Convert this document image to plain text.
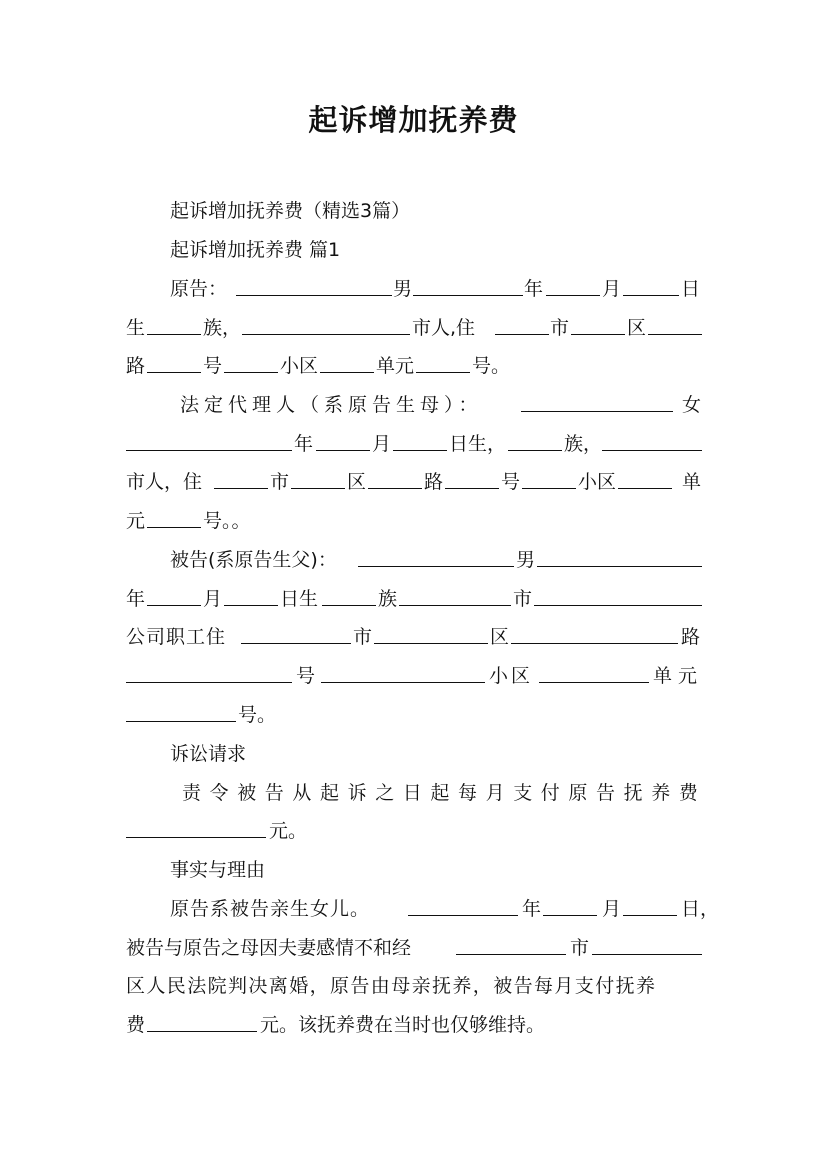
起诉增加抚养费
起诉增加抚养费（精选3篇）
起诉增加抚养费 篇1
原告：	男	年	月	日
生	族，	市人,住	市	区
路	号	小区	单元	号。
法定代理人（系原告生母）：	女
年	月	日生，	族，
市人，住	市	区	路	号	小区	单
元	号。。
被告(系原告生父)：	男
年	月	日生	族	市
公司职工住	市	区	路
号	小区	单元
号。
诉讼请求
责令被告从起诉之日起每月支付原告抚养费
元。
事实与理由
原告系被告亲生女儿。	年	月	日，
被告与原告之母因夫妻感情不和经	市
区人民法院判决离婚，原告由母亲抚养，被告每月支付抚养
费	元。该抚养费在当时也仅够维持。
